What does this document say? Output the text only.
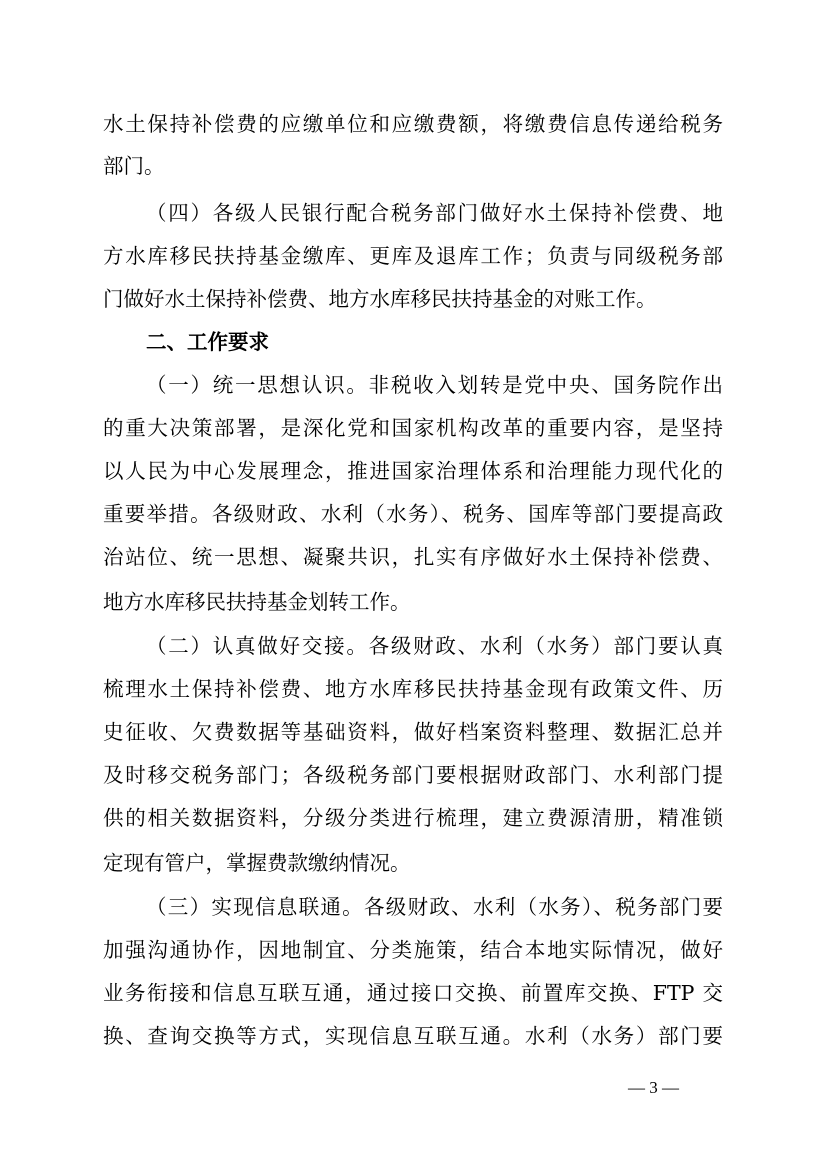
水土保持补偿费的应缴单位和应缴费额，将缴费信息传递给税务
部门。
（四）各级人民银行配合税务部门做好水土保持补偿费、地
方水库移民扶持基金缴库、更库及退库工作；负责与同级税务部
门做好水土保持补偿费、地方水库移民扶持基金的对账工作。
二、工作要求
（一）统一思想认识。非税收入划转是党中央、国务院作出
的重大决策部署，是深化党和国家机构改革的重要内容，是坚持
以人民为中心发展理念，推进国家治理体系和治理能力现代化的
重要举措。各级财政、水利（水务）、税务、国库等部门要提高政
治站位、统一思想、凝聚共识，扎实有序做好水土保持补偿费、
地方水库移民扶持基金划转工作。
（二）认真做好交接。各级财政、水利（水务）部门要认真
梳理水土保持补偿费、地方水库移民扶持基金现有政策文件、历
史征收、欠费数据等基础资料，做好档案资料整理、数据汇总并
及时移交税务部门；各级税务部门要根据财政部门、水利部门提
供的相关数据资料，分级分类进行梳理，建立费源清册，精准锁
定现有管户，掌握费款缴纳情况。
（三）实现信息联通。各级财政、水利（水务）、税务部门要
加强沟通协作，因地制宜、分类施策，结合本地实际情况，做好
业务衔接和信息互联互通，通过接口交换、前置库交换、FTP 交
换、查询交换等方式，实现信息互联互通。水利（水务）部门要
— 3 —
